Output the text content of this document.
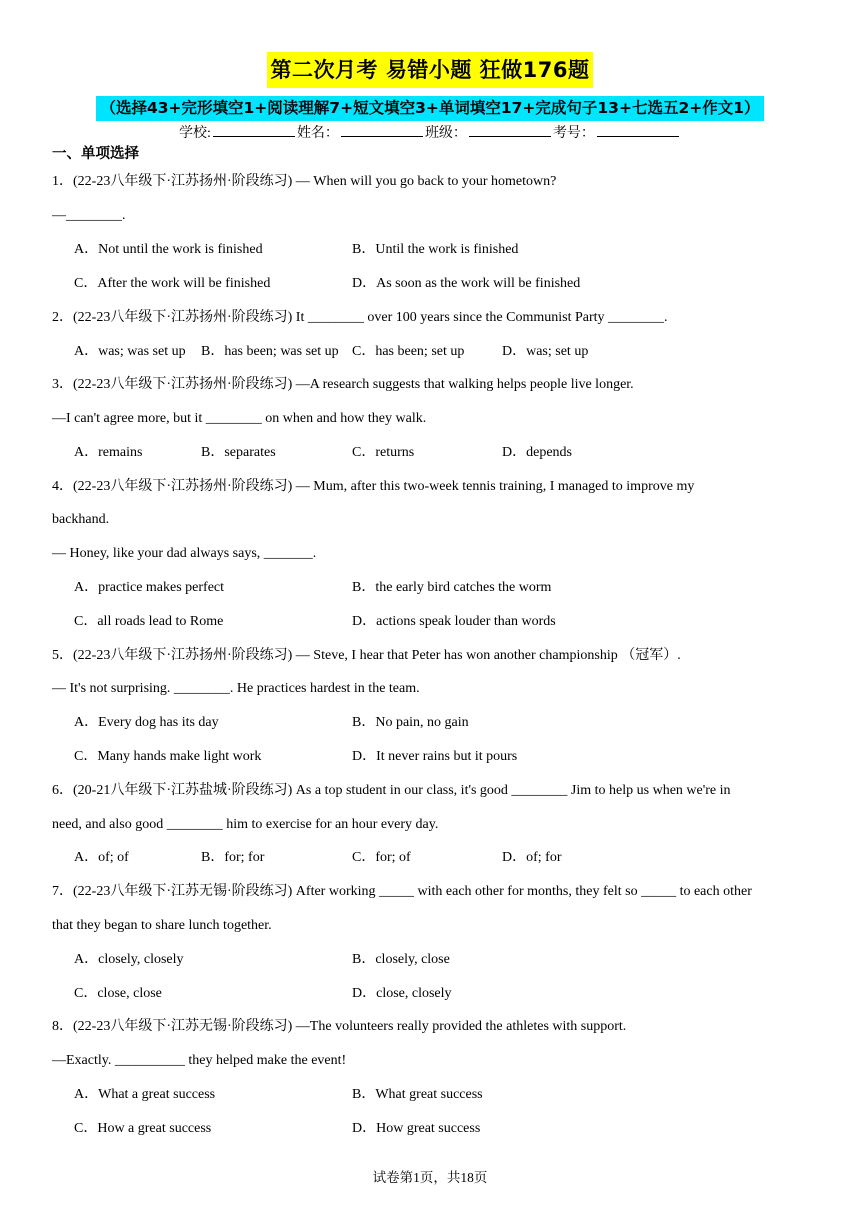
第二次月考 易错小题 狂做176题
（选择43+完形填空1+阅读理解7+短文填空3+单词填空17+完成句子13+七选五2+作文1）
学校:	姓名：	班级：	考号：
一、单项选择
1．(22-23八年级下·江苏扬州·阶段练习) — When will you go back to your hometown?
—________.
A．Not until the work is finished	B．Until the work is finished
C．After the work will be finished	D．As soon as the work will be finished
2．(22-23八年级下·江苏扬州·阶段练习) It ________ over 100 years since the Communist Party ________.
A．was; was set up B．has been; was set up C．has been; set up	D．was; set up
3．(22-23八年级下·江苏扬州·阶段练习) —A research suggests that walking helps people live longer.
—I can't agree more, but it ________ on when and how they walk.
A．remains	B．separates	C．returns	D．depends
4．(22-23八年级下·江苏扬州·阶段练习) — Mum, after this two-week tennis training, I managed to improve my
backhand.
— Honey, like your dad always says, _______.
A．practice makes perfect	B．the early bird catches the worm
C．all roads lead to Rome	D．actions speak louder than words
5．(22-23八年级下·江苏扬州·阶段练习) — Steve, I hear that Peter has won another championship （冠军）.
— It's not surprising. ________. He practices hardest in the team.
A．Every dog has its day	B．No pain, no gain
C．Many hands make light work	D．It never rains but it pours
6．(20-21八年级下·江苏盐城·阶段练习) As a top student in our class, it's good ________ Jim to help us when we're in
need, and also good ________ him to exercise for an hour every day.
A．of; of	B．for; for	C．for; of	D．of; for
7．(22-23八年级下·江苏无锡·阶段练习) After working _____ with each other for months, they felt so _____ to each other
that they began to share lunch together.
A．closely, closely	B．closely, close
C．close, close	D．close, closely
8．(22-23八年级下·江苏无锡·阶段练习) —The volunteers really provided the athletes with support.
—Exactly. __________ they helped make the event!
A．What a great success	B．What great success
C．How a great success	D．How great success
试卷第1页，共18页
